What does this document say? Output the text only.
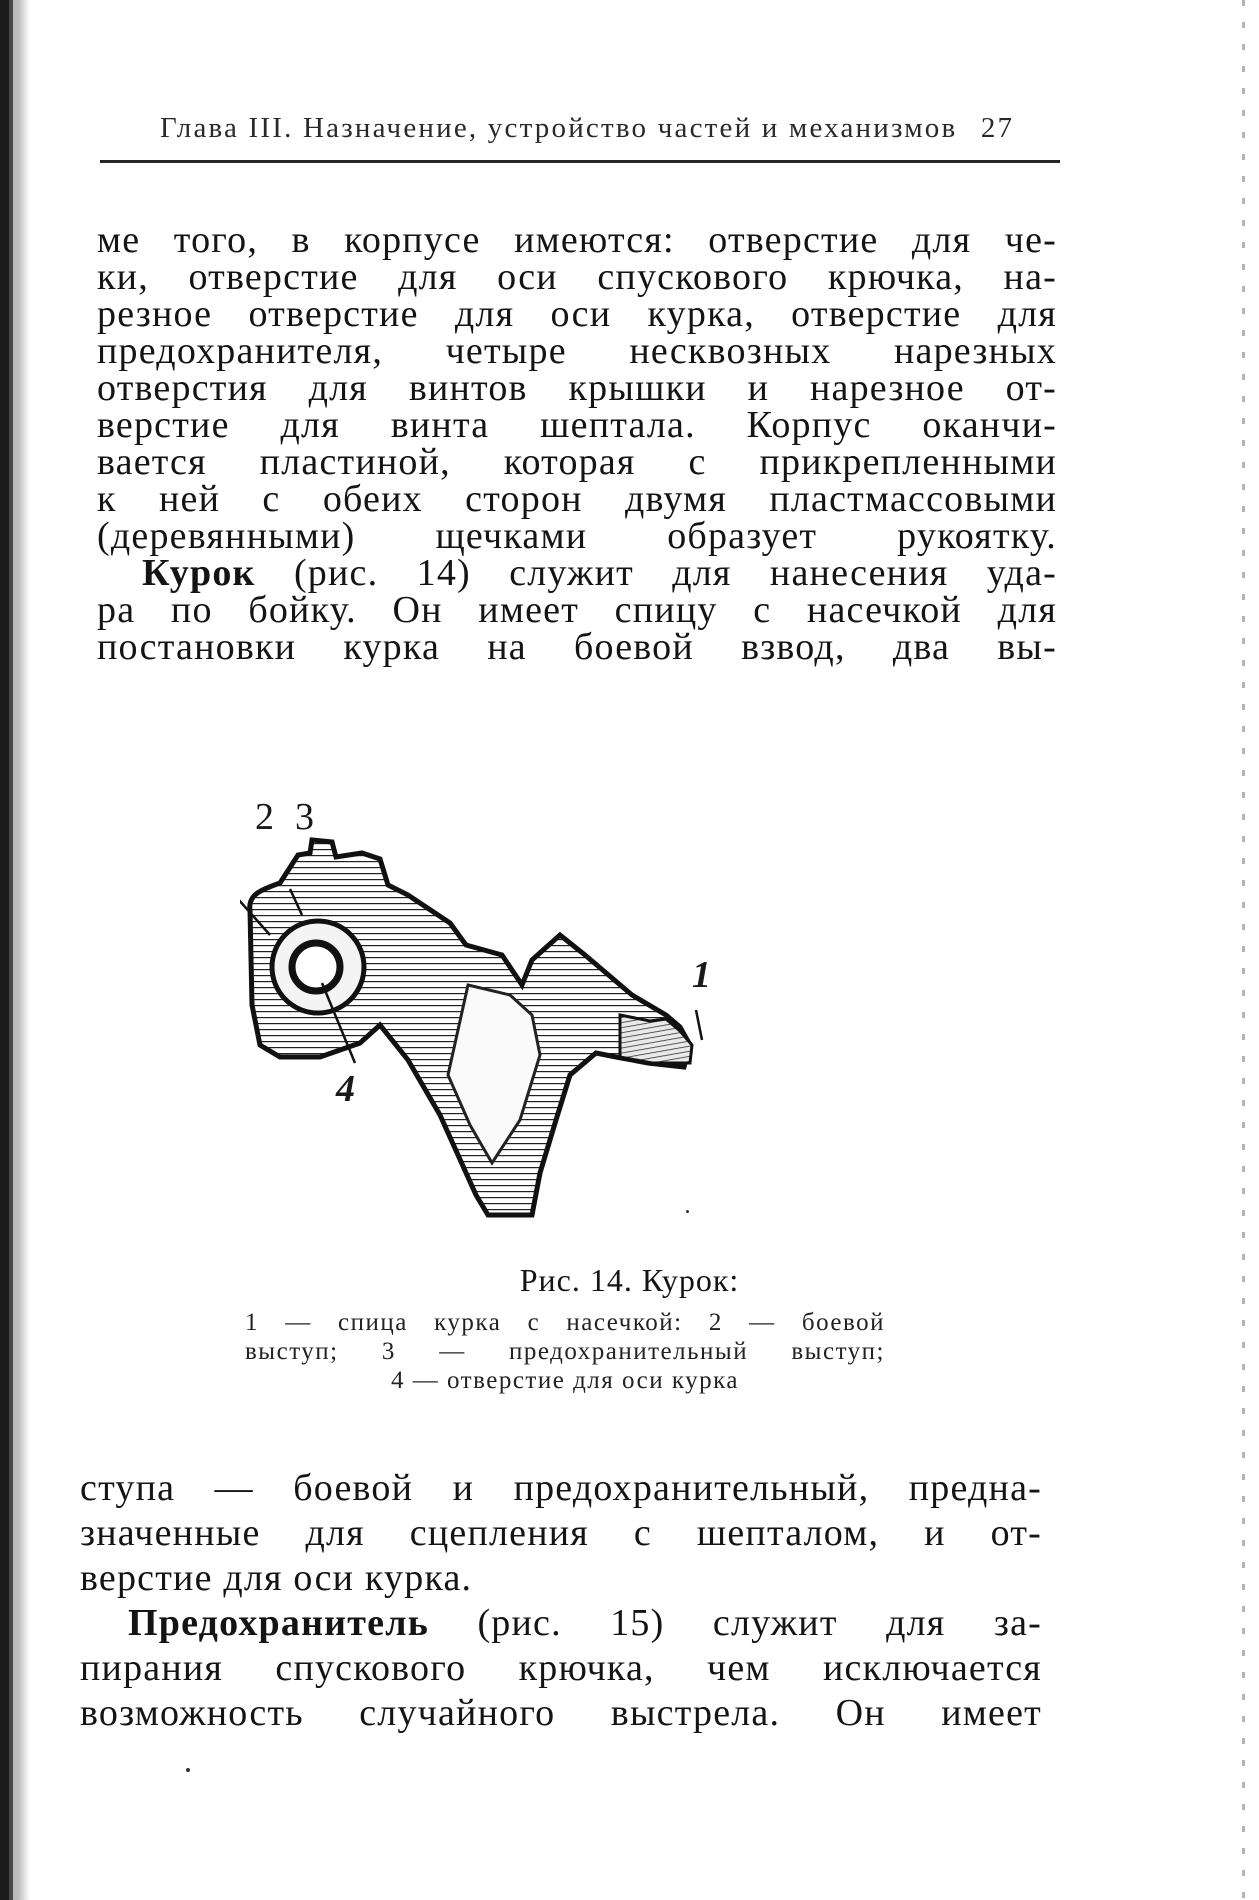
Глава III. Назначение, устройство частей и механизмов 27
ме того, в корпусе имеются: отверстие для че-
ки, отверстие для оси спускового крючка, на-
резное отверстие для оси курка, отверстие для
предохранителя, четыре несквозных нарезных
отверстия для винтов крышки и нарезное от-
верстие для винта шептала. Корпус оканчи-
вается пластиной, которая с прикрепленными
к ней с обеих сторон двумя пластмассовыми
(деревянными) щечками образует рукоятку.
Курок (рис. 14) служит для нанесения уда-
ра по бойку. Он имеет спицу с насечкой для
постановки курка на боевой взвод, два вы-
2 3
4
1
Рис. 14. Курок:
1 — спица курка с насечкой: 2 — боевой
выступ; 3 — предохранительный выступ;
4 — отверстие для оси курка
ступа — боевой и предохранительный, предна-
значенные для сцепления с шепталом, и от-
верстие для оси курка.
Предохранитель (рис. 15) служит для за-
пирания спускового крючка, чем исключается
возможность случайного выстрела. Он имеет
